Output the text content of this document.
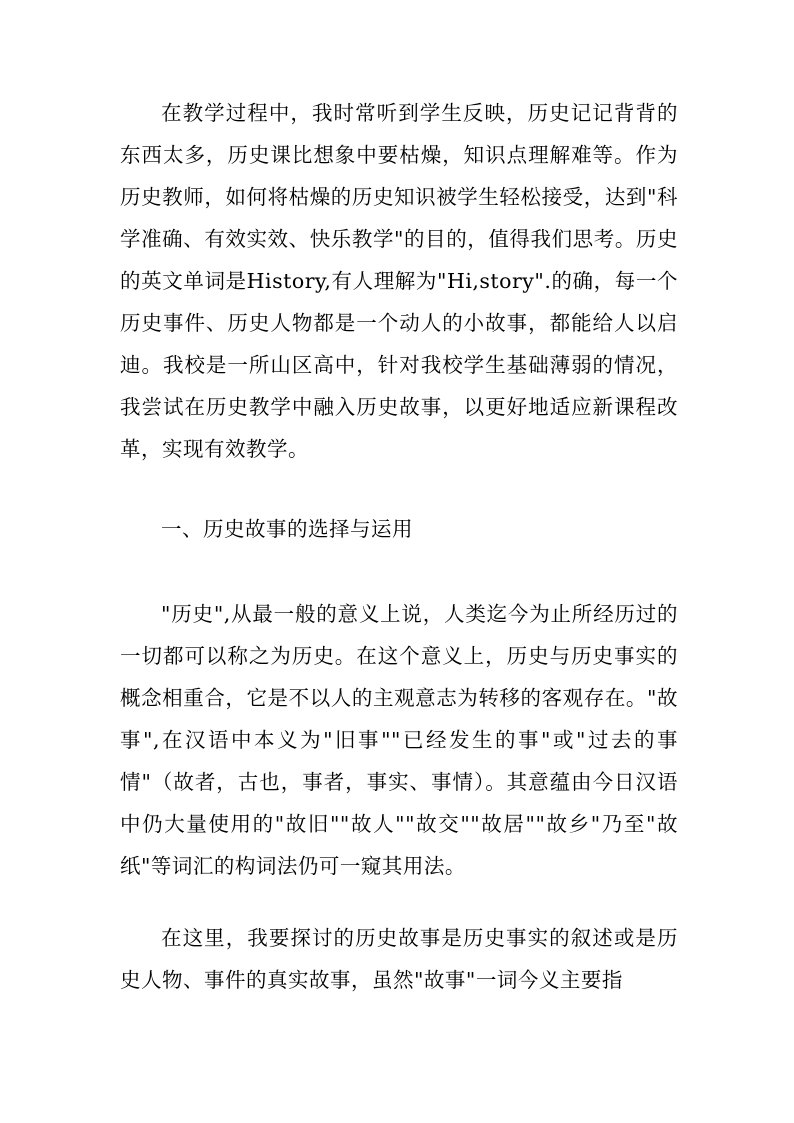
在教学过程中，我时常听到学生反映，历史记记背背的东西太多，历史课比想象中要枯燥，知识点理解难等。作为历史教师，如何将枯燥的历史知识被学生轻松接受，达到"科学准确、有效实效、快乐教学"的目的，值得我们思考。历史的英文单词是History,有人理解为"Hi,story".的确，每一个历史事件、历史人物都是一个动人的小故事，都能给人以启迪。我校是一所山区高中，针对我校学生基础薄弱的情况，我尝试在历史教学中融入历史故事，以更好地适应新课程改革，实现有效教学。
一、历史故事的选择与运用
"历史",从最一般的意义上说，人类迄今为止所经历过的一切都可以称之为历史。在这个意义上，历史与历史事实的概念相重合，它是不以人的主观意志为转移的客观存在。"故事",在汉语中本义为"旧事""已经发生的事"或"过去的事情"（故者，古也，事者，事实、事情）。其意蕴由今日汉语中仍大量使用的"故旧""故人""故交""故居""故乡"乃至"故纸"等词汇的构词法仍可一窥其用法。
在这里，我要探讨的历史故事是历史事实的叙述或是历史人物、事件的真实故事，虽然"故事"一词今义主要指
